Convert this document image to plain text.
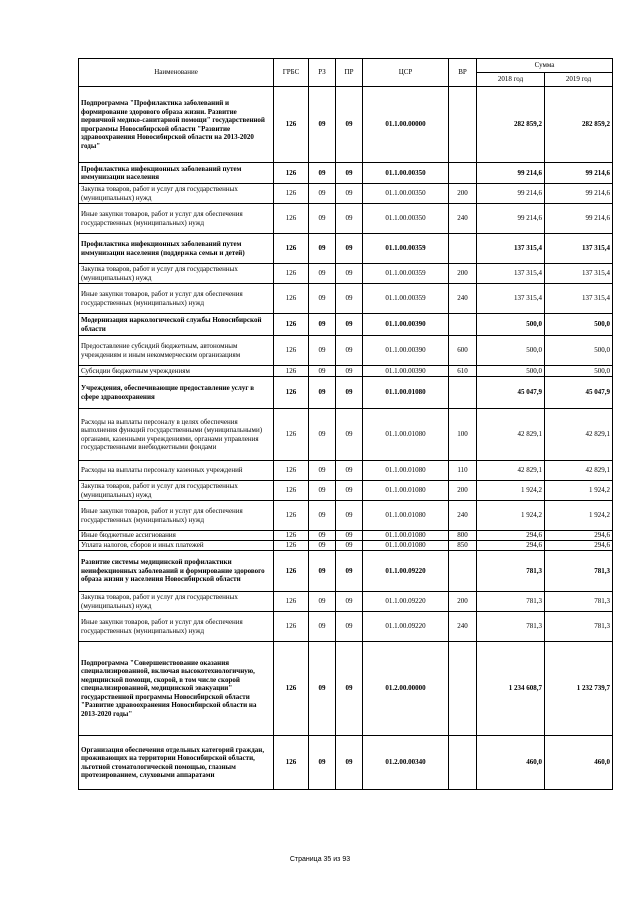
Наименование	ГРБС	РЗ	ПР	ЦСР	ВР	Сумма	
						2018 год	2019 год
Подпрограмма "Профилактика заболеваний и формирование здорового образа жизни. Развитие первичной медико-санитарной помощи" государственной программы Новосибирской области "Развитие здравоохранения Новосибирской области на 2013-2020 годы"	126	09	09	01.1.00.00000		282 859,2	282 859,2
Профилактика инфекционных заболеваний путем иммунизации населения	126	09	09	01.1.00.00350		99 214,6	99 214,6
Закупка товаров, работ и услуг для государственных (муниципальных) нужд	126	09	09	01.1.00.00350	200	99 214,6	99 214,6
Иные закупки товаров, работ и услуг для обеспечения государственных (муниципальных) нужд	126	09	09	01.1.00.00350	240	99 214,6	99 214,6
Профилактика инфекционных заболеваний путем иммунизации населения (поддержка семьи и детей)	126	09	09	01.1.00.00359		137 315,4	137 315,4
Закупка товаров, работ и услуг для государственных (муниципальных) нужд	126	09	09	01.1.00.00359	200	137 315,4	137 315,4
Иные закупки товаров, работ и услуг для обеспечения государственных (муниципальных) нужд	126	09	09	01.1.00.00359	240	137 315,4	137 315,4
Модернизация наркологической службы Новосибирской области	126	09	09	01.1.00.00390		500,0	500,0
Предоставление субсидий бюджетным, автономным учреждениям и иным некоммерческим организациям	126	09	09	01.1.00.00390	600	500,0	500,0
Субсидии бюджетным учреждениям	126	09	09	01.1.00.00390	610	500,0	500,0
Учреждения, обеспечивающие предоставление услуг в сфере здравоохранения	126	09	09	01.1.00.01080		45 047,9	45 047,9
Расходы на выплаты персоналу в целях обеспечения выполнения функций государственными (муниципальными) органами, казенными учреждениями, органами управления государственными внебюджетными фондами	126	09	09	01.1.00.01080	100	42 829,1	42 829,1
Расходы на выплаты персоналу казенных учреждений	126	09	09	01.1.00.01080	110	42 829,1	42 829,1
Закупка товаров, работ и услуг для государственных (муниципальных) нужд	126	09	09	01.1.00.01080	200	1 924,2	1 924,2
Иные закупки товаров, работ и услуг для обеспечения государственных (муниципальных) нужд	126	09	09	01.1.00.01080	240	1 924,2	1 924,2
Иные бюджетные ассигнования	126	09	09	01.1.00.01080	800	294,6	294,6
Уплата налогов, сборов и иных платежей	126	09	09	01.1.00.01080	850	294,6	294,6
Развитие системы медицинской профилактики неинфекционных заболеваний и формирование здорового образа жизни у населения Новосибирской области	126	09	09	01.1.00.09220		781,3	781,3
Закупка товаров, работ и услуг для государственных (муниципальных) нужд	126	09	09	01.1.00.09220	200	781,3	781,3
Иные закупки товаров, работ и услуг для обеспечения государственных (муниципальных) нужд	126	09	09	01.1.00.09220	240	781,3	781,3
Подпрограмма "Совершенствование оказания специализированной, включая высокотехнологичную, медицинской помощи, скорой, в том числе скорой специализированной, медицинской эвакуации" государственной программы Новосибирской области "Развитие здравоохранения Новосибирской области на 2013-2020 годы"	126	09	09	01.2.00.00000		1 234 608,7	1 232 739,7
Организация обеспечения отдельных категорий граждан, проживающих на территории Новосибирской области, льготной стоматологической помощью, глазным протезированием, слуховыми аппаратами	126	09	09	01.2.00.00340		460,0	460,0
Страница 35 из 93
